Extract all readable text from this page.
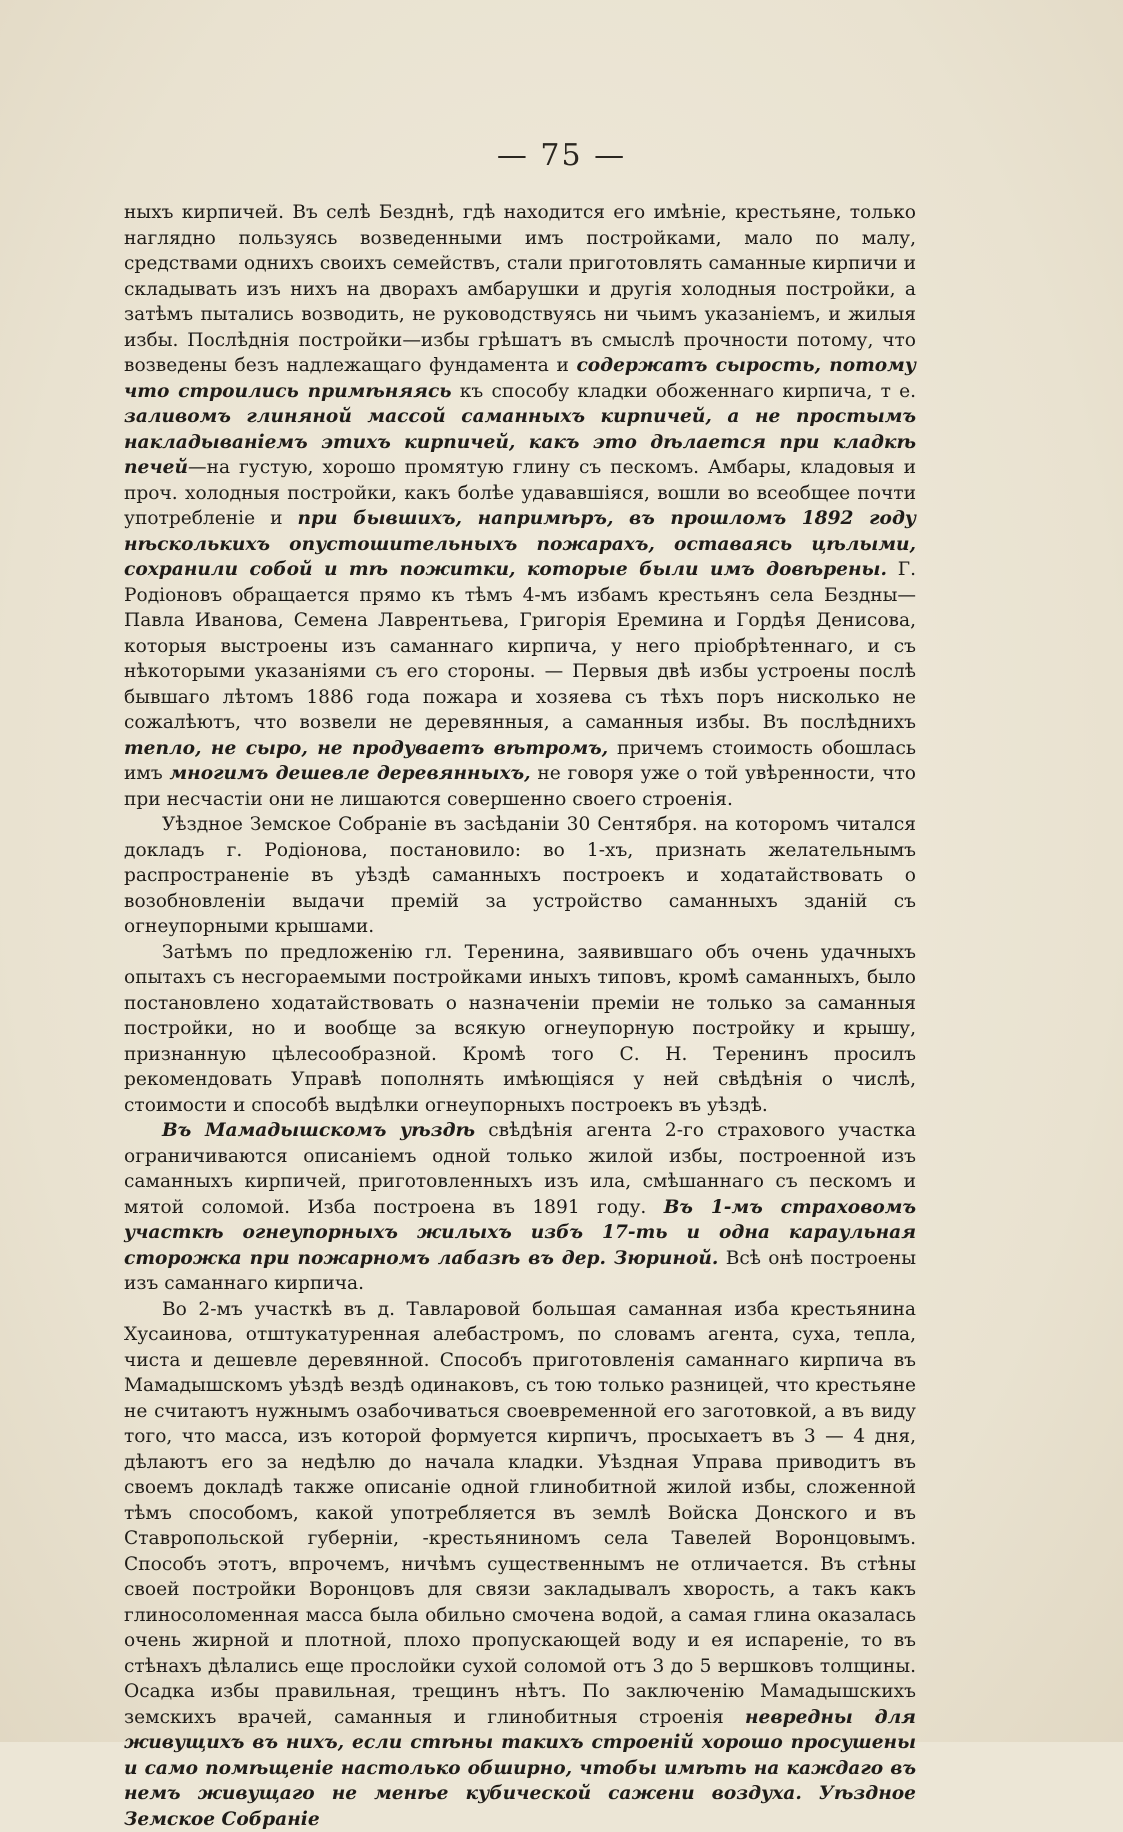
— 75 —

ныхъ кирпичей. Въ селѣ Безднѣ, гдѣ находится его имѣніе, крестьяне, только наглядно пользуясь возведенными имъ постройками, мало по малу, средствами однихъ своихъ семействъ, стали приготовлять саманные кирпичи и складывать изъ нихъ на дворахъ амбарушки и другія холодныя постройки, а затѣмъ пытались возводить, не руководствуясь ни чьимъ указаніемъ, и жилыя избы. Послѣднія постройки—избы грѣшатъ въ смыслѣ прочности потому, что возведены безъ надлежащаго фундамента и содержатъ сырость, потому что строились примѣняясь къ способу кладки обоженнаго кирпича, т е. заливомъ глиняной массой саманныхъ кирпичей, а не простымъ накладываніемъ этихъ кирпичей, какъ это дѣлается при кладкѣ печей—на густую, хорошо промятую глину съ пескомъ. Амбары, кладовыя и проч. холодныя постройки, какъ болѣе удававшіяся, вошли во всеобщее почти употребленіе и при бывшихъ, напримѣръ, въ прошломъ 1892 году нѣсколькихъ опустошительныхъ пожарахъ, оставаясь цѣлыми, сохранили собой и тѣ пожитки, которые были имъ довѣрены. Г. Родіоновъ обращается прямо къ тѣмъ 4-мъ избамъ крестьянъ села Бездны—Павла Иванова, Семена Лаврентьева, Григорія Еремина и Гордѣя Денисова, которыя выстроены изъ саманнаго кирпича, у него пріобрѣтеннаго, и съ нѣкоторыми указаніями съ его стороны. — Первыя двѣ избы устроены послѣ бывшаго лѣтомъ 1886 года пожара и хозяева съ тѣхъ поръ нисколько не сожалѣютъ, что возвели не деревянныя, а саманныя избы. Въ послѣднихъ тепло, не сыро, не продуваетъ вѣтромъ, причемъ стоимость обошлась имъ многимъ дешевле деревянныхъ, не говоря уже о той увѣренности, что при несчастіи они не лишаются совершенно своего строенія.

Уѣздное Земское Собраніе въ засѣданіи 30 Сентября. на которомъ читался докладъ г. Родіонова, постановило: во 1-хъ, признать желательнымъ распространеніе въ уѣздѣ саманныхъ построекъ и ходатайствовать о возобновленіи выдачи премій за устройство саманныхъ зданій съ огнеупорными крышами.

Затѣмъ по предложенію гл. Теренина, заявившаго объ очень удачныхъ опытахъ съ несгораемыми постройками иныхъ типовъ, кромѣ саманныхъ, было постановлено ходатайствовать о назначеніи преміи не только за саманныя постройки, но и вообще за всякую огнеупорную постройку и крышу, признанную цѣлесообразной. Кромѣ того С. Н. Теренинъ просилъ рекомендовать Управѣ пополнять имѣющіяся у ней свѣдѣнія о числѣ, стоимости и способѣ выдѣлки огнеупорныхъ построекъ въ уѣздѣ.

Въ Мамадышскомъ уѣздѣ свѣдѣнія агента 2-го страхового участка ограничиваются описаніемъ одной только жилой избы, построенной изъ саманныхъ кирпичей, приготовленныхъ изъ ила, смѣшаннаго съ пескомъ и мятой соломой. Изба построена въ 1891 году. Въ 1-мъ страховомъ участкѣ огнеупорныхъ жилыхъ избъ 17-ть и одна караульная сторожка при пожарномъ лабазѣ въ дер. Зюриной. Всѣ онѣ построены изъ саманнаго кирпича.

Во 2-мъ участкѣ въ д. Тавларовой большая саманная изба крестьянина Хусаинова, отштукатуренная алебастромъ, по словамъ агента, суха, тепла, чиста и дешевле деревянной. Способъ приготовленія саманнаго кирпича въ Мамадышскомъ уѣздѣ вездѣ одинаковъ, съ тою только разницей, что крестьяне не считаютъ нужнымъ озабочиваться своевременной его заготовкой, а въ виду того, что масса, изъ которой формуется кирпичъ, просыхаетъ въ 3 — 4 дня, дѣлаютъ его за недѣлю до начала кладки. Уѣздная Управа приводитъ въ своемъ докладѣ также описаніе одной глинобитной жилой избы, сложенной тѣмъ способомъ, какой употребляется въ землѣ Войска Донского и въ Ставропольской губерніи, -крестьяниномъ села Тавелей Воронцовымъ. Способъ этотъ, впрочемъ, ничѣмъ существеннымъ не отличается. Въ стѣны своей постройки Воронцовъ для связи закладывалъ хворость, а такъ какъ глиносоломенная масса была обильно смочена водой, а самая глина оказалась очень жирной и плотной, плохо пропускающей воду и ея испареніе, то въ стѣнахъ дѣлались еще прослойки сухой соломой отъ 3 до 5 вершковъ толщины. Осадка избы правильная, трещинъ нѣтъ. По заключенію Мамадышскихъ земскихъ врачей, саманныя и глинобитныя строенія невредны для живущихъ въ нихъ, если стѣны такихъ строеній хорошо просушены и само помѣщеніе настолько обширно, чтобы имѣть на каждаго въ немъ живущаго не менѣе кубической сажени воздуха. Уѣздное Земское Собраніе
